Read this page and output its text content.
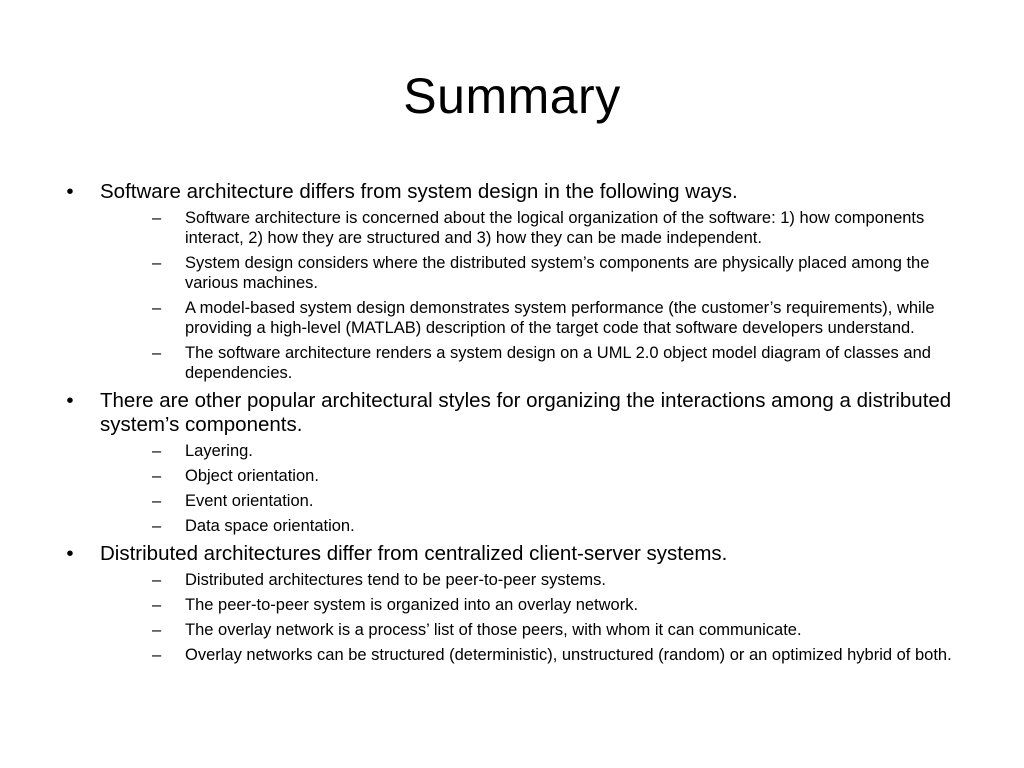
Summary
•	Software architecture differs from system design in the following ways.
– Software architecture is concerned about the logical organization of the software: 1) how components interact, 2) how they are structured and 3) how they can be made independent.
– System design considers where the distributed system’s components are physically placed among the various machines.
– A model-based system design demonstrates system performance (the customer’s requirements), while providing a high-level (MATLAB) description of the target code that software developers understand.
– The software architecture renders a system design on a UML 2.0 object model diagram of classes and dependencies.
•	There are other popular architectural styles for organizing the interactions among a distributed system’s components.
– Layering.
– Object orientation.
– Event orientation.
– Data space orientation.
•	Distributed architectures differ from centralized client-server systems.
– Distributed architectures tend to be peer-to-peer systems.
– The peer-to-peer system is organized into an overlay network.
– The overlay network is a process’ list of those peers, with whom it can communicate.
– Overlay networks can be structured (deterministic), unstructured (random) or an optimized hybrid of both.
